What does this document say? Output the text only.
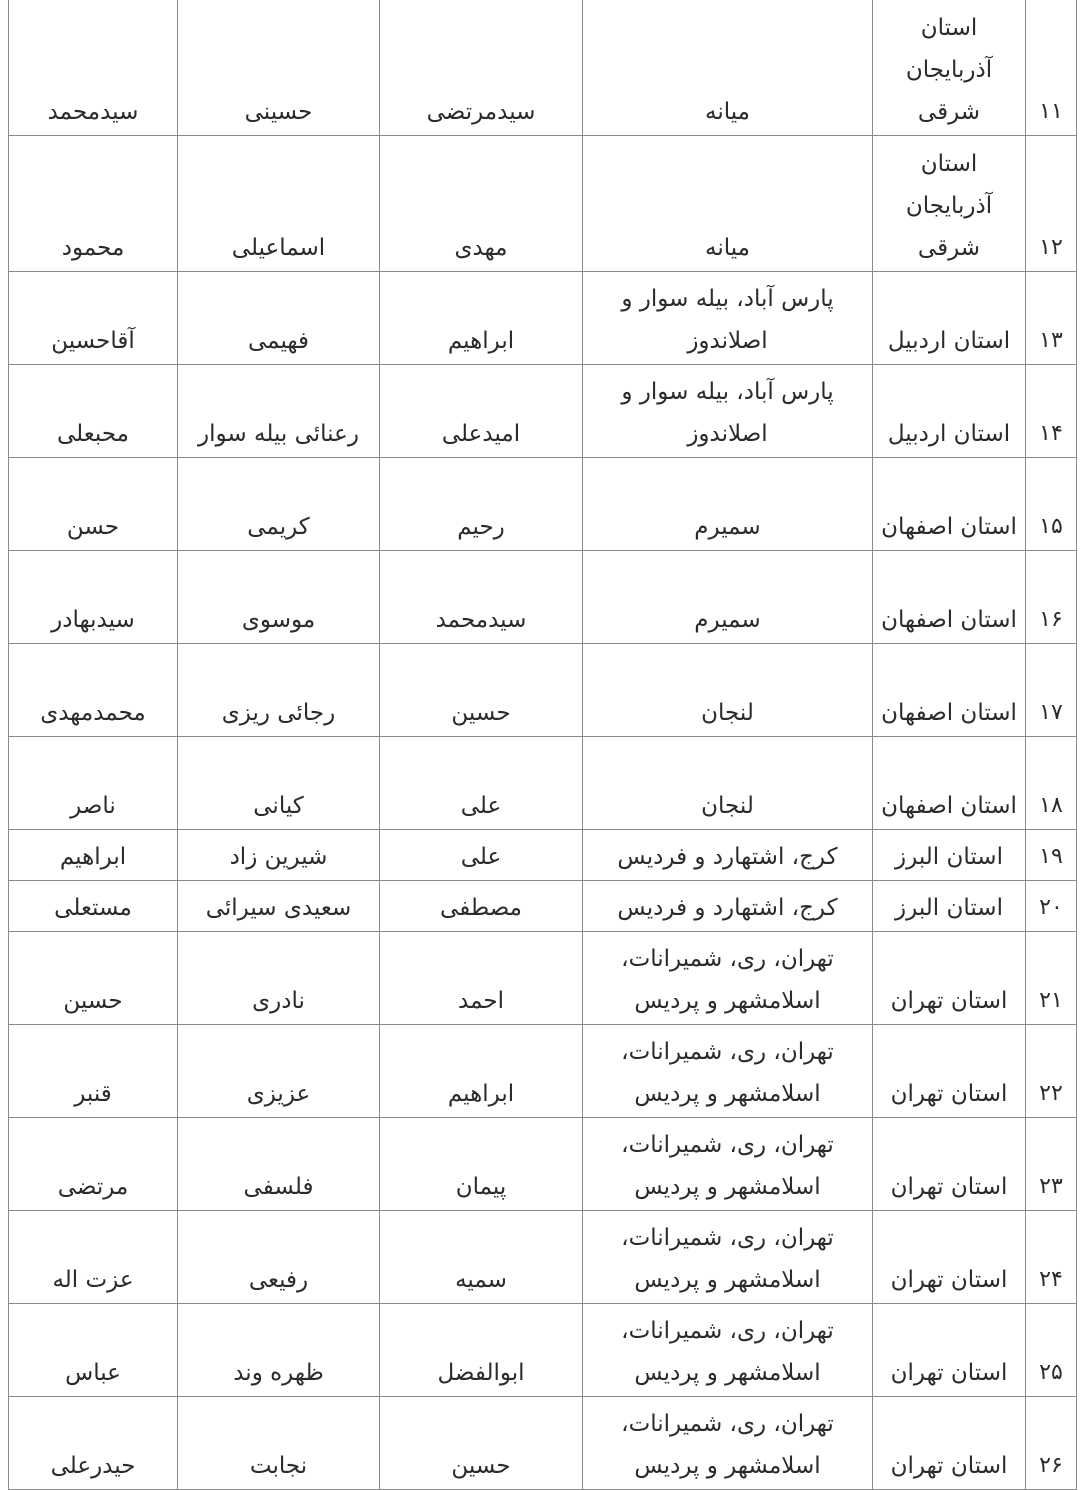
۱۱	استان آذربایجان شرقی	میانه	سیدمرتضی	حسینی	سیدمحمد
۱۲	استان آذربایجان شرقی	میانه	مهدی	اسماعیلی	محمود
۱۳	استان اردبیل	پارس آباد، بیله سوار و اصلاندوز	ابراهیم	فهیمی	آقاحسین
۱۴	استان اردبیل	پارس آباد، بیله سوار و اصلاندوز	امیدعلی	رعنائی بیله سوار	محبعلی
۱۵	استان اصفهان	سمیرم	رحیم	کریمی	حسن
۱۶	استان اصفهان	سمیرم	سیدمحمد	موسوی	سیدبهادر
۱۷	استان اصفهان	لنجان	حسین	رجائی ریزی	محمدمهدی
۱۸	استان اصفهان	لنجان	علی	کیانی	ناصر
۱۹	استان البرز	کرج، اشتهارد و فردیس	علی	شیرین زاد	ابراهیم
۲۰	استان البرز	کرج، اشتهارد و فردیس	مصطفی	سعیدی سیرائی	مستعلی
۲۱	استان تهران	تهران، ری، شمیرانات، اسلامشهر و پردیس	احمد	نادری	حسین
۲۲	استان تهران	تهران، ری، شمیرانات، اسلامشهر و پردیس	ابراهیم	عزیزی	قنبر
۲۳	استان تهران	تهران، ری، شمیرانات، اسلامشهر و پردیس	پیمان	فلسفی	مرتضی
۲۴	استان تهران	تهران، ری، شمیرانات، اسلامشهر و پردیس	سمیه	رفیعی	عزت اله
۲۵	استان تهران	تهران، ری، شمیرانات، اسلامشهر و پردیس	ابوالفضل	ظهره وند	عباس
۲۶	استان تهران	تهران، ری، شمیرانات، اسلامشهر و پردیس	حسین	نجابت	حیدرعلی
